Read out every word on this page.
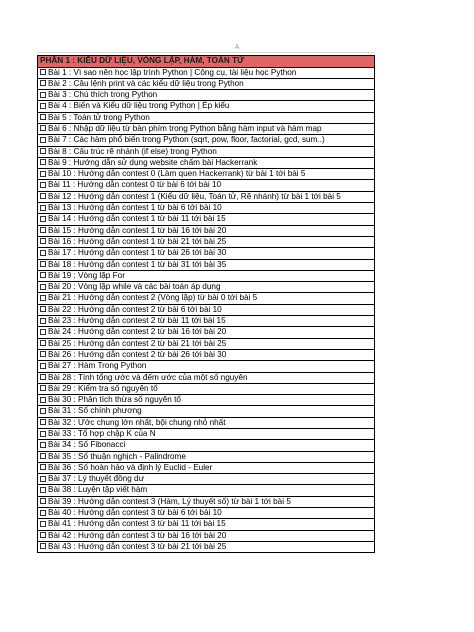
A
PHẦN 1 : KIỂU DỮ LIỆU, VÒNG LẶP, HÀM, TOÁN TỬ
Bài 1 : Vì sao nên học lập trình Python | Công cụ, tài liệu học Python
Bài 2 : Câu lệnh print và các kiểu dữ liệu trong Python
Bài 3 : Chú thích trong Python
Bài 4 : Biến và Kiểu dữ liệu trong Python | Ép kiểu
Bài 5 : Toán tử trong Python
Bài 6 : Nhập dữ liệu từ bàn phím trong Python bằng hàm input và hàm map
Bài 7 : Các hàm phổ biến trong Python (sqrt, pow, floor, factorial, gcd, sum..)
Bài 8 : Cấu trúc rẽ nhánh (if else) trong Python
Bài 9 : Hướng dẫn sử dụng website chấm bài Hackerrank
Bài 10 : Hướng dẫn contest 0 (Làm quen Hackerrank) từ bài 1 tới bài 5
Bài 11 : Hướng dẫn contest 0 từ bài 6 tới bài 10
Bài 12 : Hướng dẫn contest 1 (Kiểu dữ liệu, Toán tử, Rẽ nhánh) từ bài 1 tới bài 5
Bài 13 : Hướng dẫn contest 1 từ bài 6 tới bài 10
Bài 14 : Hướng dẫn contest 1 từ bài 11 tới bài 15
Bài 15 : Hướng dẫn contest 1 từ bài 16 tới bài 20
Bài 16 : Hướng dẫn contest 1 từ bài 21 tới bài 25
Bài 17 : Hướng dẫn contest 1 từ bài 26 tới bài 30
Bài 18 : Hướng dẫn contest 1 từ bài 31 tới bài 35
Bài 19 : Vòng lặp For
Bài 20 : Vòng lặp while và các bài toán áp dụng
Bài 21 : Hướng dẫn contest 2 (Vòng lặp) từ bài 0 tới bài 5
Bài 22 : Hướng dẫn contest 2 từ bài 6 tới bài 10
Bài 23 : Hướng dẫn contest 2 từ bài 11 tới bài 15
Bài 24 : Hướng dẫn contest 2 từ bài 16 tới bài 20
Bài 25 : Hướng dẫn contest 2 từ bài 21 tới bài 25
Bài 26 : Hướng dẫn contest 2 từ bài 26 tới bài 30
Bài 27 : Hàm Trong Python
Bài 28 : Tính tổng ước và đếm ước của một số nguyên
Bài 29 : Kiểm tra số nguyên tố
Bài 30 : Phân tích thừa số nguyên tố
Bài 31 : Số chính phương
Bài 32 : Ước chung lớn nhất, bội chung nhỏ nhất
Bài 33 : Tổ hợp chập K của N
Bài 34 : Số Fibonacci
Bài 35 : Số thuận nghịch - Palindrome
Bài 36 : Số hoàn hảo và định lý Euclid - Euler
Bài 37 : Lý thuyết đồng dư
Bài 38 : Luyện tập viết hàm
Bài 39 : Hướng dẫn contest 3 (Hàm, Lý thuyết số) từ bài 1 tới bài 5
Bài 40 : Hướng dẫn contest 3 từ bài 6 tới bài 10
Bài 41 : Hướng dẫn contest 3 từ bài 11 tới bài 15
Bài 42 : Hướng dẫn contest 3 từ bài 16 tới bài 20
Bài 43 : Hướng dẫn contest 3 từ bài 21 tới bài 25
